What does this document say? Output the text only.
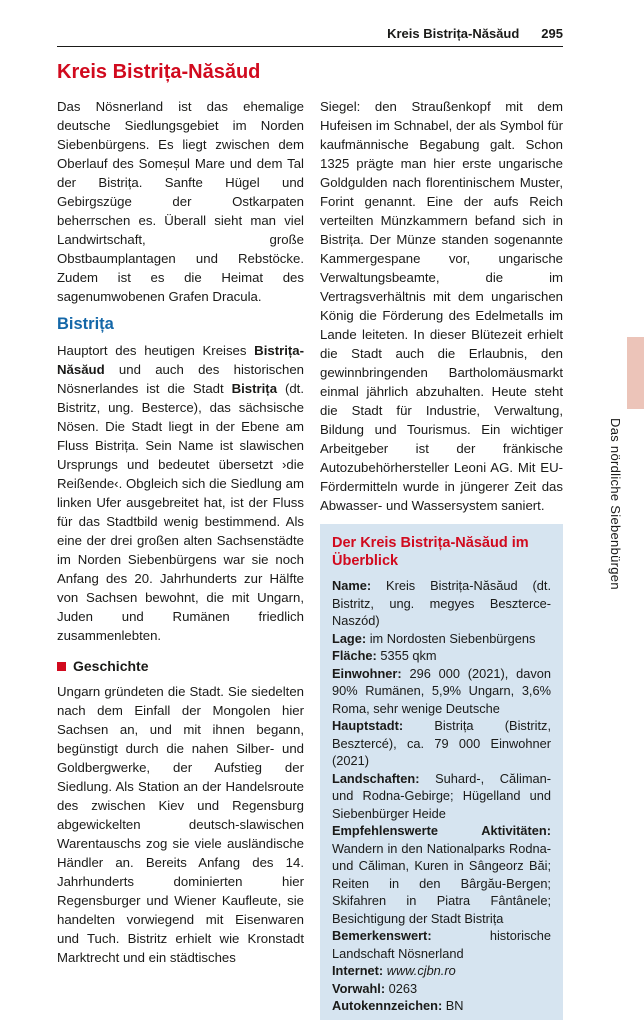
Kreis Bistrița-Năsăud 295
Kreis Bistrița-Năsăud

Das Nösnerland ist das ehemalige deutsche Siedlungsgebiet im Norden Siebenbürgens. Es liegt zwischen dem Oberlauf des Someșul Mare und dem Tal der Bistrița. Sanfte Hügel und Gebirgszüge der Ostkarpaten beherrschen es. Überall sieht man viel Landwirtschaft, große Obstbaumplantagen und Rebstöcke. Zudem ist es die Heimat des sagenumwobenen Grafen Dracula.

Bistrița

Hauptort des heutigen Kreises Bistrița-Năsăud und auch des historischen Nösnerlandes ist die Stadt Bistrița (dt. Bistritz, ung. Besterce), das sächsische Nösen. Die Stadt liegt in der Ebene am Fluss Bistrița. Sein Name ist slawischen Ursprungs und bedeutet übersetzt ›die Reißende‹. Obgleich sich die Siedlung am linken Ufer ausgebreitet hat, ist der Fluss für das Stadtbild wenig bestimmend. Als eine der drei großen alten Sachsenstädte im Norden Siebenbürgens war sie noch Anfang des 20. Jahrhunderts zur Hälfte von Sachsen bewohnt, die mit Ungarn, Juden und Rumänen friedlich zusammenlebten.

Geschichte

Ungarn gründeten die Stadt. Sie siedelten nach dem Einfall der Mongolen hier Sachsen an, und mit ihnen begann, begünstigt durch die nahen Silber- und Goldbergwerke, der Aufstieg der Siedlung. Als Station an der Handelsroute des zwischen Kiev und Regensburg abgewickelten deutsch-slawischen Warentauschs zog sie viele ausländische Händler an. Bereits Anfang des 14. Jahrhunderts dominierten hier Regensburger und Wiener Kaufleute, sie handelten vorwiegend mit Eisenwaren und Tuch. Bistritz erhielt wie Kronstadt Marktrecht und ein städtisches

Siegel: den Straußenkopf mit dem Hufeisen im Schnabel, der als Symbol für kaufmännische Begabung galt. Schon 1325 prägte man hier erste ungarische Goldgulden nach florentinischem Muster, Forint genannt. Eine der aufs Reich verteilten Münzkammern befand sich in Bistrița. Der Münze standen sogenannte Kammergespane vor, ungarische Verwaltungsbeamte, die im Vertragsverhältnis mit dem ungarischen König die Förderung des Edelmetalls im Lande leiteten. In dieser Blütezeit erhielt die Stadt auch die Erlaubnis, den gewinnbringenden Bartholomäusmarkt einmal jährlich abzuhalten. Heute steht die Stadt für Industrie, Verwaltung, Bildung und Tourismus. Ein wichtiger Arbeitgeber ist der fränkische Autozubehörhersteller Leoni AG. Mit EU-Fördermitteln wurde in jüngerer Zeit das Abwasser- und Wassersystem saniert.

Der Kreis Bistrița-Năsăud im Überblick
Name: Kreis Bistrița-Năsăud (dt. Bistritz, ung. megyes Beszterce-Naszód)
Lage: im Nordosten Siebenbürgens
Fläche: 5355 qkm
Einwohner: 296 000 (2021), davon 90% Rumänen, 5,9% Ungarn, 3,6% Roma, sehr wenige Deutsche
Hauptstadt: Bistrița (Bistritz, Besztercé), ca. 79 000 Einwohner (2021)
Landschaften: Suhard-, Căliman- und Rodna-Gebirge; Hügelland und Siebenbürger Heide
Empfehlenswerte Aktivitäten: Wandern in den Nationalparks Rodna- und Căliman, Kuren in Sângeorz Băi; Reiten in den Bârgău-Bergen; Skifahren in Piatra Fântânele; Besichtigung der Stadt Bistrița
Bemerkenswert: historische Landschaft Nösnerland
Internet: www.cjbn.ro
Vorwahl: 0263
Autokennzeichen: BN
Das nördliche Siebenbürgen
